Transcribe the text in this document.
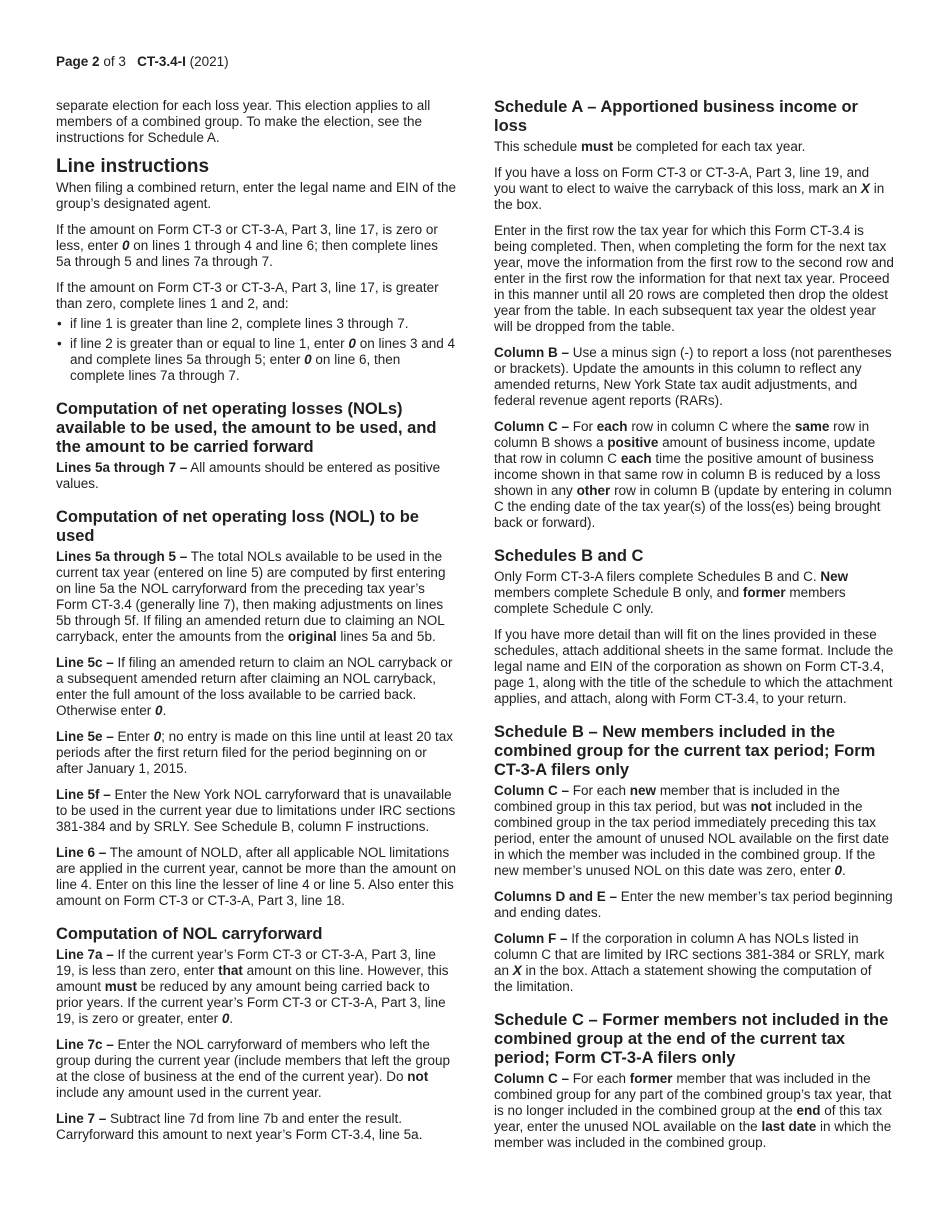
Page 2 of 3 CT-3.4-I (2021)

separate election for each loss year. This election applies to all members of a combined group. To make the election, see the instructions for Schedule A.

Line instructions

When filing a combined return, enter the legal name and EIN of the group’s designated agent.

If the amount on Form CT-3 or CT-3-A, Part 3, line 17, is zero or less, enter 0 on lines 1 through 4 and line 6; then complete lines 5a through 5 and lines 7a through 7.

If the amount on Form CT-3 or CT-3-A, Part 3, line 17, is greater than zero, complete lines 1 and 2, and:

• if line 1 is greater than line 2, complete lines 3 through 7.
• if line 2 is greater than or equal to line 1, enter 0 on lines 3 and 4 and complete lines 5a through 5; enter 0 on line 6, then complete lines 7a through 7.
Computation of net operating losses (NOLs) available to be used, the amount to be used, and the amount to be carried forward

Lines 5a through 7 – All amounts should be entered as positive values.

Computation of net operating loss (NOL) to be used

Lines 5a through 5 – The total NOLs available to be used in the current tax year (entered on line 5) are computed by first entering on line 5a the NOL carryforward from the preceding tax year’s Form CT-3.4 (generally line 7), then making adjustments on lines 5b through 5f. If filing an amended return due to claiming an NOL carryback, enter the amounts from the original lines 5a and 5b.

Line 5c – If filing an amended return to claim an NOL carryback or a subsequent amended return after claiming an NOL carryback, enter the full amount of the loss available to be carried back. Otherwise enter 0.

Line 5e – Enter 0; no entry is made on this line until at least 20 tax periods after the first return filed for the period beginning on or after January 1, 2015.

Line 5f – Enter the New York NOL carryforward that is unavailable to be used in the current year due to limitations under IRC sections 381-384 and by SRLY. See Schedule B, column F instructions.

Line 6 – The amount of NOLD, after all applicable NOL limitations are applied in the current year, cannot be more than the amount on line 4. Enter on this line the lesser of line 4 or line 5. Also enter this amount on Form CT-3 or CT-3-A, Part 3, line 18.

Computation of NOL carryforward

Line 7a – If the current year’s Form CT-3 or CT-3-A, Part 3, line 19, is less than zero, enter that amount on this line. However, this amount must be reduced by any amount being carried back to prior years. If the current year’s Form CT-3 or CT-3-A, Part 3, line 19, is zero or greater, enter 0.

Line 7c – Enter the NOL carryforward of members who left the group during the current year (include members that left the group at the close of business at the end of the current year). Do not include any amount used in the current year.

Line 7 – Subtract line 7d from line 7b and enter the result. Carryforward this amount to next year’s Form CT-3.4, line 5a.

Schedule A – Apportioned business income or loss

This schedule must be completed for each tax year.

If you have a loss on Form CT-3 or CT-3-A, Part 3, line 19, and you want to elect to waive the carryback of this loss, mark an X in the box.

Enter in the first row the tax year for which this Form CT-3.4 is being completed. Then, when completing the form for the next tax year, move the information from the first row to the second row and enter in the first row the information for that next tax year. Proceed in this manner until all 20 rows are completed then drop the oldest year from the table. In each subsequent tax year the oldest year will be dropped from the table.

Column B – Use a minus sign (-) to report a loss (not parentheses or brackets). Update the amounts in this column to reflect any amended returns, New York State tax audit adjustments, and federal revenue agent reports (RARs).

Column C – For each row in column C where the same row in column B shows a positive amount of business income, update that row in column C each time the positive amount of business income shown in that same row in column B is reduced by a loss shown in any other row in column B (update by entering in column C the ending date of the tax year(s) of the loss(es) being brought back or forward).

Schedules B and C

Only Form CT-3-A filers complete Schedules B and C. New members complete Schedule B only, and former members complete Schedule C only.

If you have more detail than will fit on the lines provided in these schedules, attach additional sheets in the same format. Include the legal name and EIN of the corporation as shown on Form CT-3.4, page 1, along with the title of the schedule to which the attachment applies, and attach, along with Form CT-3.4, to your return.

Schedule B – New members included in the combined group for the current tax period; Form CT-3-A filers only

Column C – For each new member that is included in the combined group in this tax period, but was not included in the combined group in the tax period immediately preceding this tax period, enter the amount of unused NOL available on the first date in which the member was included in the combined group. If the new member’s unused NOL on this date was zero, enter 0.

Columns D and E – Enter the new member’s tax period beginning and ending dates.

Column F – If the corporation in column A has NOLs listed in column C that are limited by IRC sections 381-384 or SRLY, mark an X in the box. Attach a statement showing the computation of the limitation.

Schedule C – Former members not included in the combined group at the end of the current tax period; Form CT-3-A filers only

Column C – For each former member that was included in the combined group for any part of the combined group’s tax year, that is no longer included in the combined group at the end of this tax year, enter the unused NOL available on the last date in which the member was included in the combined group.
